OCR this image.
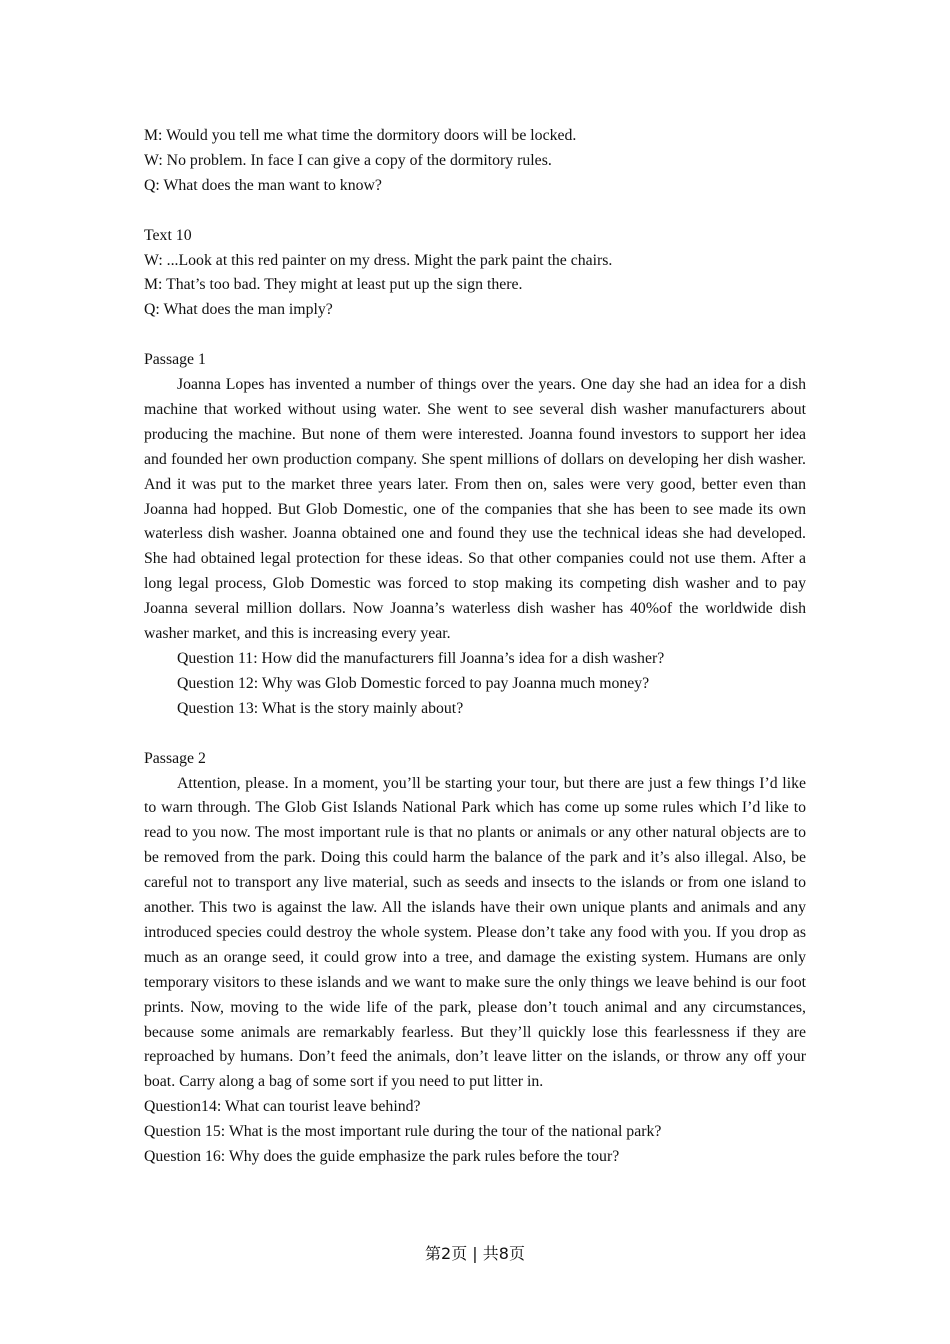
M: Would you tell me what time the dormitory doors will be locked.

W: No problem. In face I can give a copy of the dormitory rules.

Q: What does the man want to know?

Text 10

W: ...Look at this red painter on my dress. Might the park paint the chairs.

M: That’s too bad. They might at least put up the sign there.

Q: What does the man imply?

Passage 1

Joanna Lopes has invented a number of things over the years. One day she had an idea for a dish machine that worked without using water. She went to see several dish washer manufacturers about producing the machine. But none of them were interested. Joanna found investors to support her idea and founded her own production company. She spent millions of dollars on developing her dish washer. And it was put to the market three years later. From then on, sales were very good, better even than Joanna had hopped. But Glob Domestic, one of the companies that she has been to see made its own waterless dish washer. Joanna obtained one and found they use the technical ideas she had developed. She had obtained legal protection for these ideas. So that other companies could not use them. After a long legal process, Glob Domestic was forced to stop making its competing dish washer and to pay Joanna several million dollars. Now Joanna’s waterless dish washer has 40%of the worldwide dish washer market, and this is increasing every year.

Question 11: How did the manufacturers fill Joanna’s idea for a dish washer?

Question 12: Why was Glob Domestic forced to pay Joanna much money?

Question 13: What is the story mainly about?

Passage 2

Attention, please. In a moment, you’ll be starting your tour, but there are just a few things I’d like to warn through. The Glob Gist Islands National Park which has come up some rules which I’d like to read to you now. The most important rule is that no plants or animals or any other natural objects are to be removed from the park. Doing this could harm the balance of the park and it’s also illegal. Also, be careful not to transport any live material, such as seeds and insects to the islands or from one island to another. This two is against the law. All the islands have their own unique plants and animals and any introduced species could destroy the whole system. Please don’t take any food with you. If you drop as much as an orange seed, it could grow into a tree, and damage the existing system. Humans are only temporary visitors to these islands and we want to make sure the only things we leave behind is our foot prints. Now, moving to the wide life of the park, please don’t touch animal and any circumstances, because some animals are remarkably fearless. But they’ll quickly lose this fearlessness if they are reproached by humans. Don’t feed the animals, don’t leave litter on the islands, or throw any off your boat. Carry along a bag of some sort if you need to put litter in.

Question14: What can tourist leave behind?

Question 15: What is the most important rule during the tour of the national park?

Question 16: Why does the guide emphasize the park rules before the tour?

第2页 | 共8页
